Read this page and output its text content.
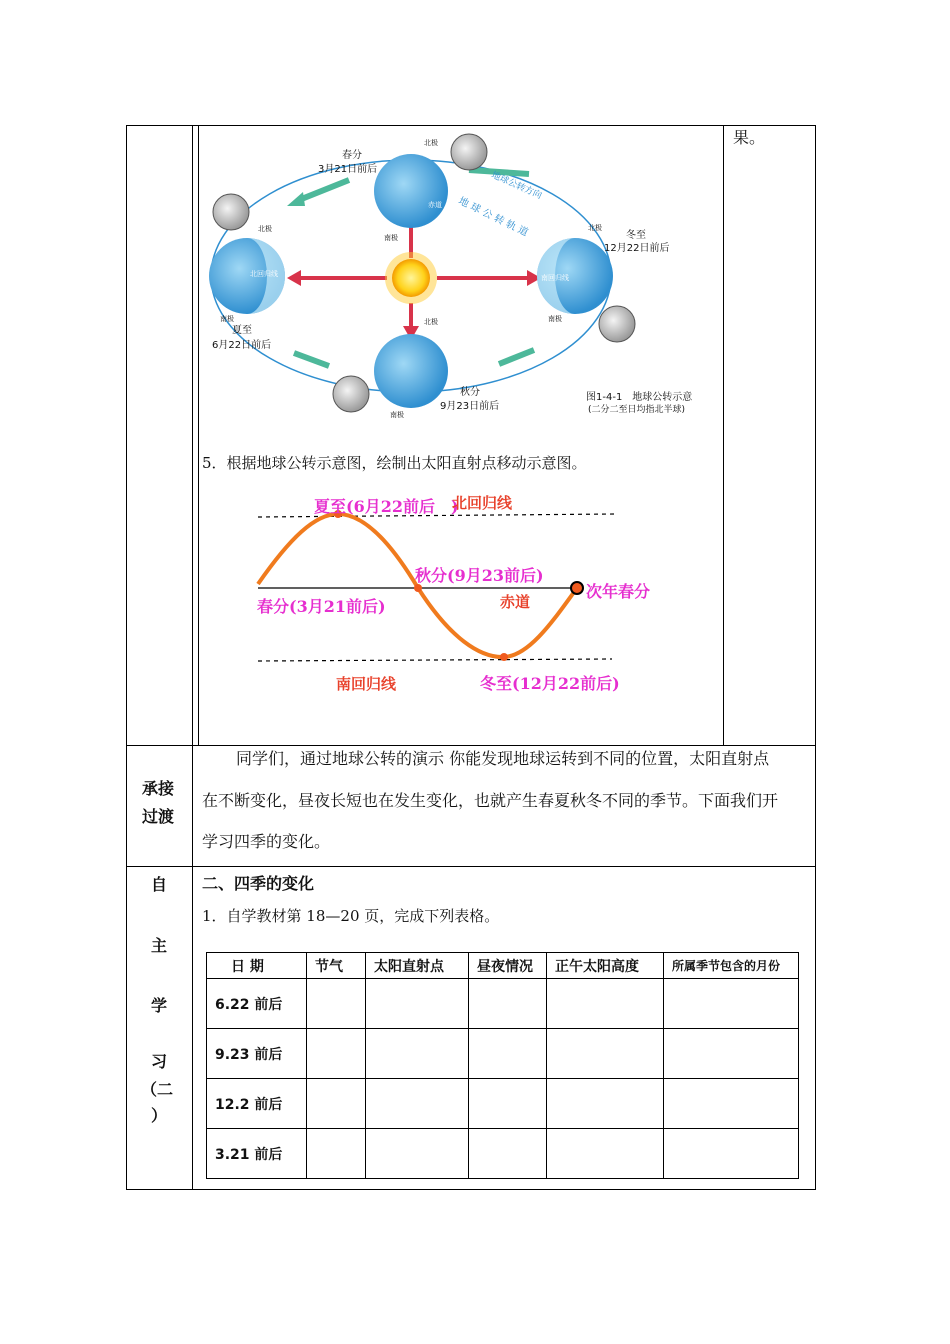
果。
春分
3月21日前后
冬至
12月22日前后
夏至
6月22日前后
秋分
9月23日前后
北极
北极
北极
北极
南极
南极	南极
南极
地球公转方向
地 球 公 转 轨 道
北回归线	南回归线
赤道
图1-4-1　地球公转示意
(二分二至日均指北半球)
5．根据地球公转示意图，绘制出太阳直射点移动示意图。
夏至(6月22前后　)
北回归线
秋分(9月23前后)
春分(3月21前后)	赤道
次年春分
南回归线	冬至(12月22前后)
承接
过渡
同学们，通过地球公转的演示 你能发现地球运转到不同的位置，太阳直射点
在不断变化，昼夜长短也在发生变化，也就产生春夏秋冬不同的季节。下面我们开
学习四季的变化。
自
主
学
习
（二
）
二、四季的变化
1．自学教材第 18—20 页，完成下列表格。
日 期	节气	太阳直射点	昼夜情况	正午太阳高度	所属季节包含的月份
6.22 前后					
9.23 前后					
12.2 前后					
3.21 前后					
